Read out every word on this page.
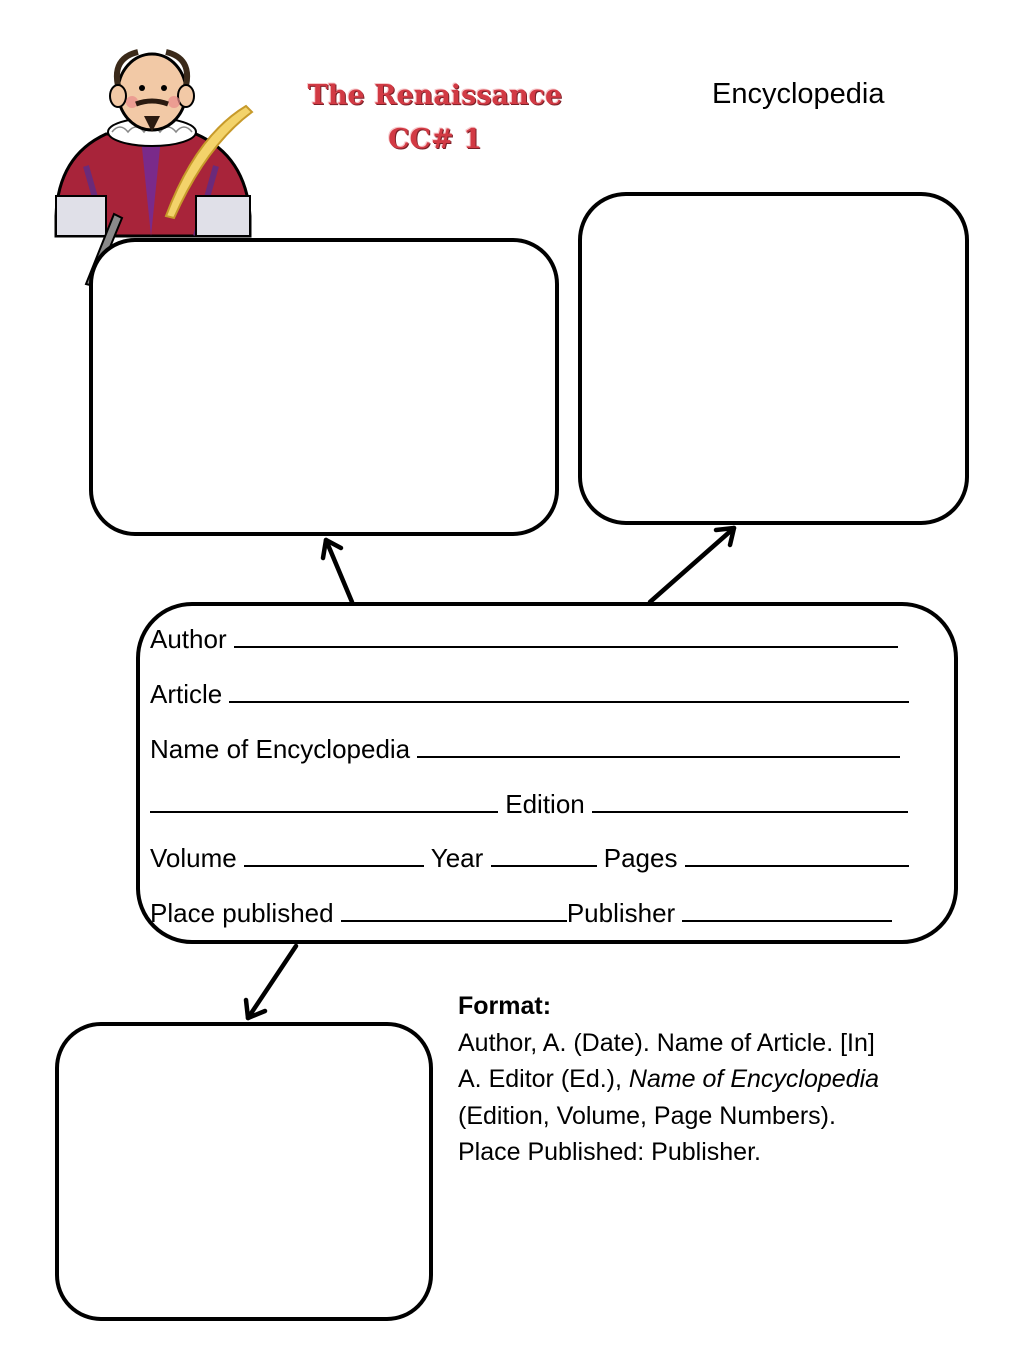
The Renaissance
CC# 1
Encyclopedia
Author
Article
Name of Encyclopedia
Edition
Volume	Year	Pages
Place published	Publisher
Format:
Author, A. (Date). Name of Article. [In]
A. Editor (Ed.), Name of Encyclopedia
(Edition, Volume, Page Numbers).
Place Published: Publisher.
